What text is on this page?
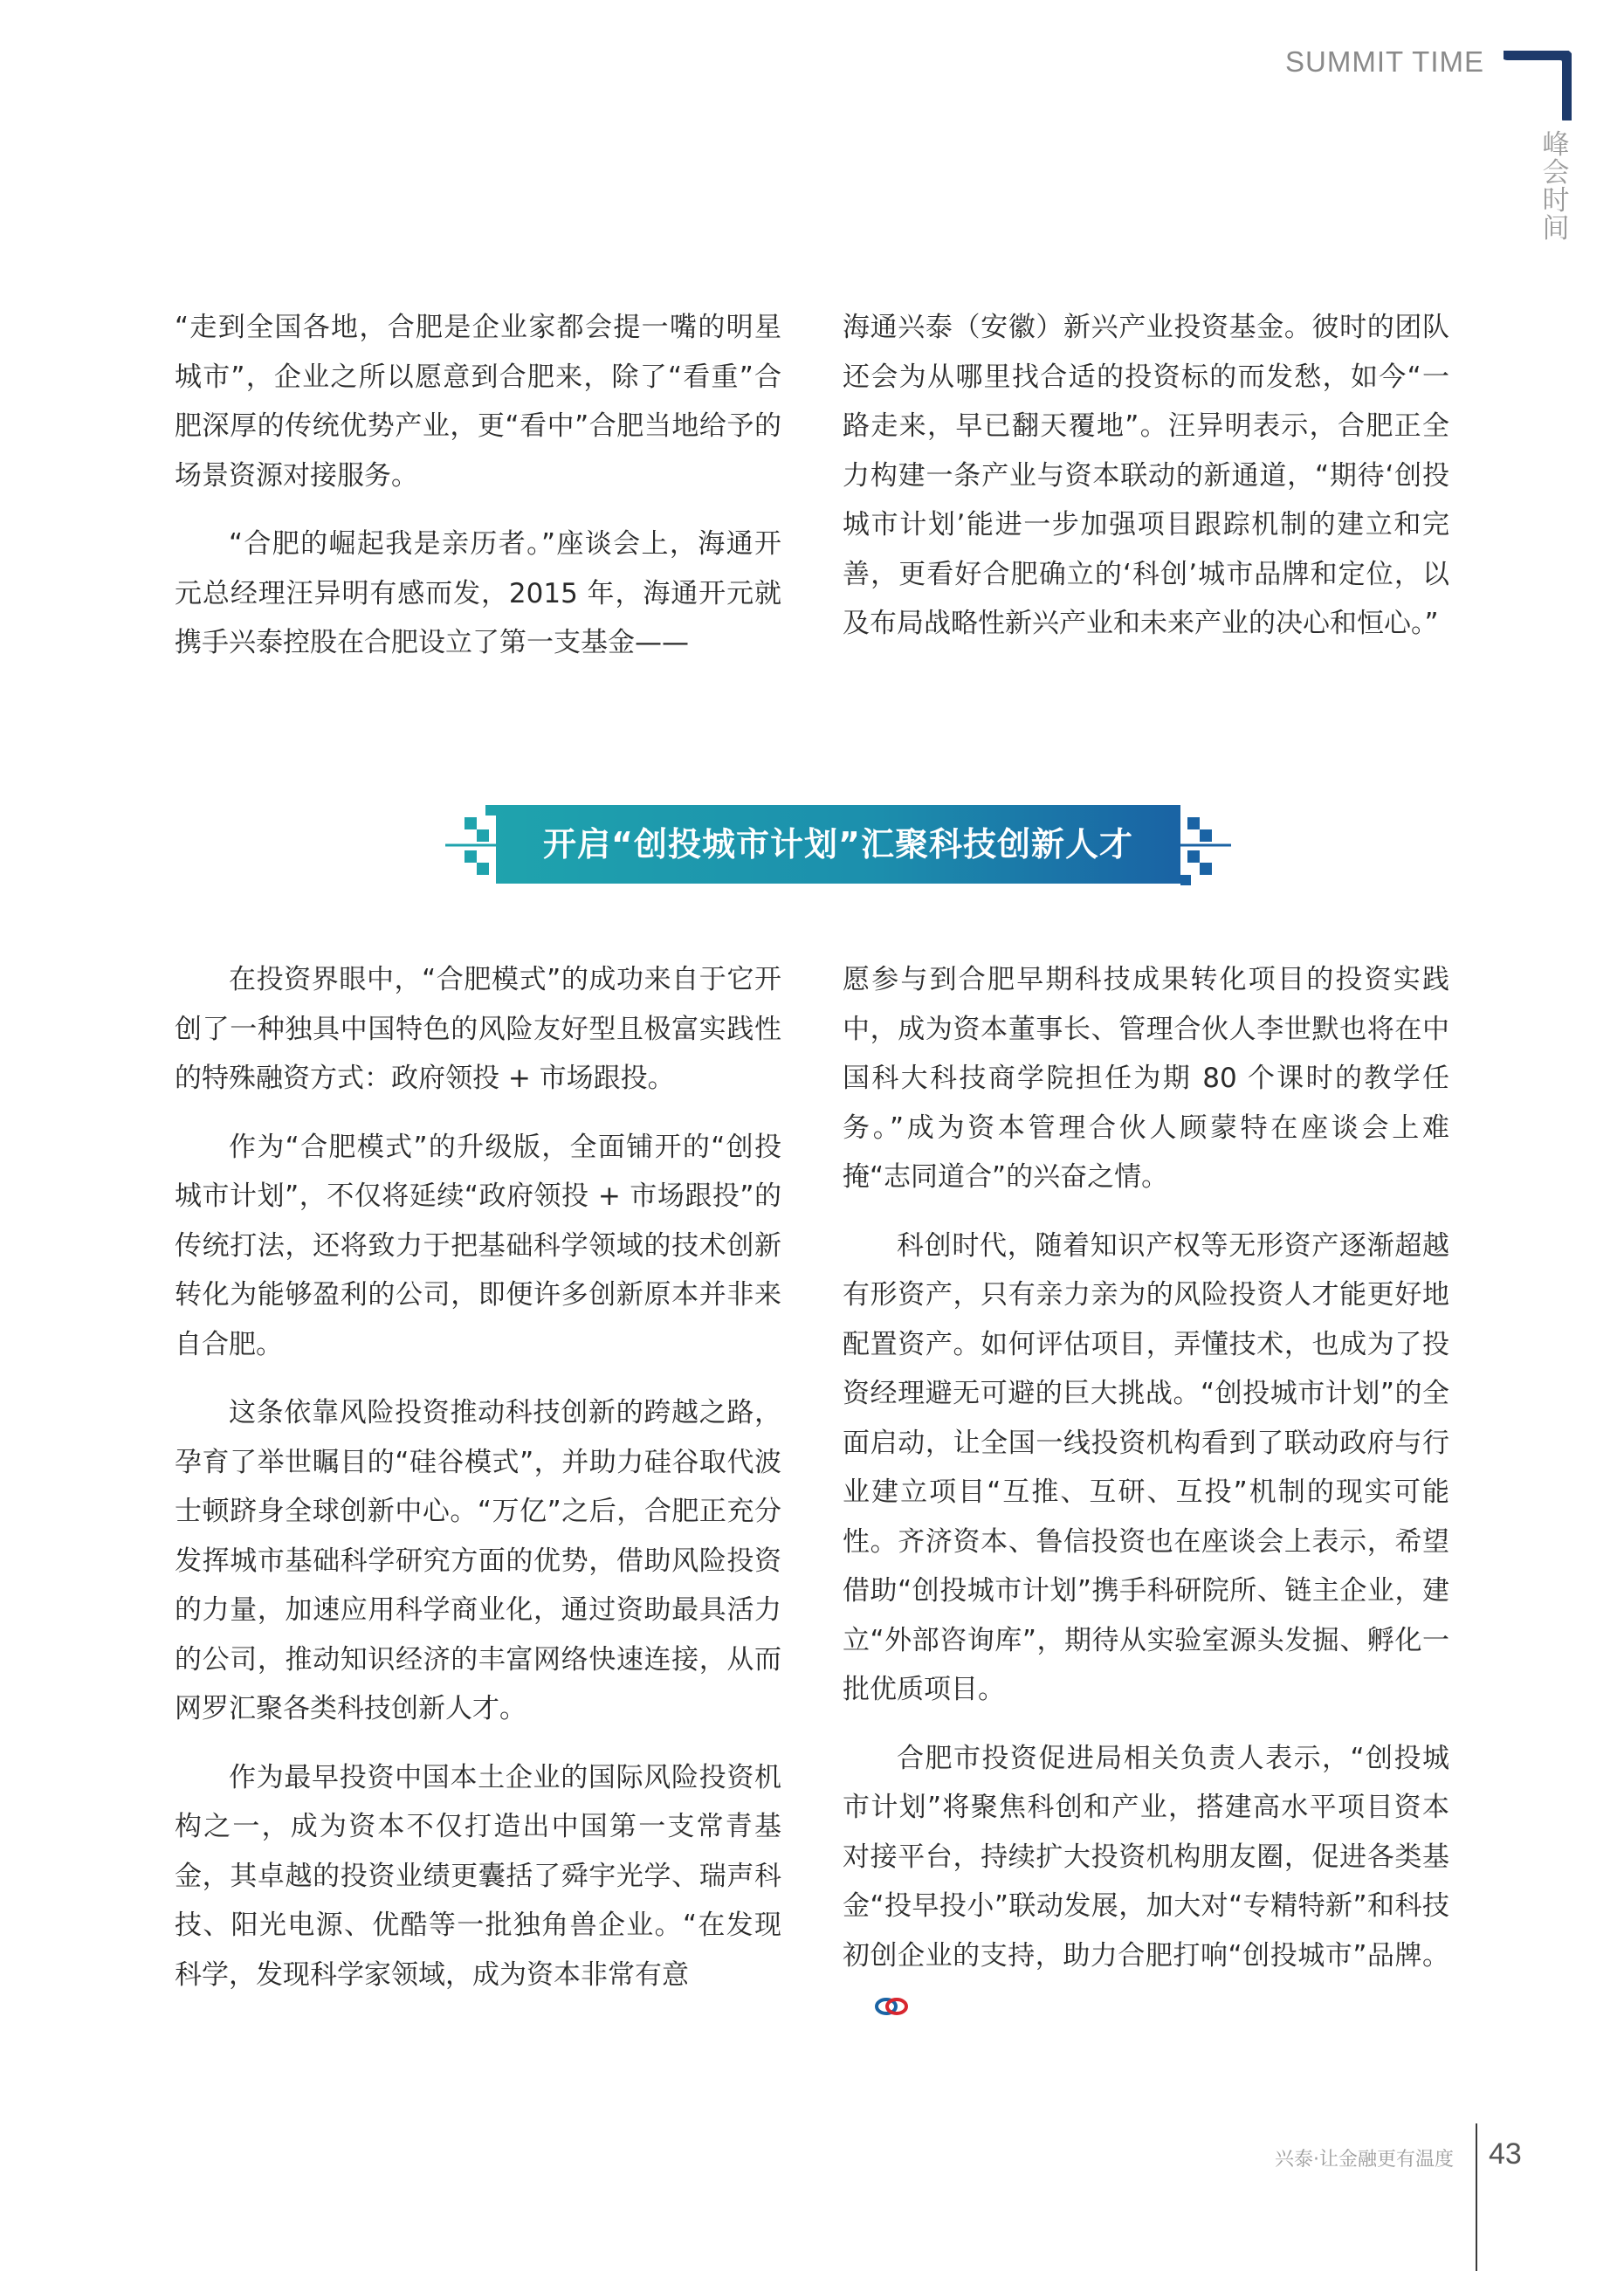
SUMMIT TIME
峰会时间

“走到全国各地，合肥是企业家都会提一嘴的明星城市”，企业之所以愿意到合肥来，除了“看重”合肥深厚的传统优势产业，更“看中”合肥当地给予的场景资源对接服务。

“合肥的崛起我是亲历者。”座谈会上，海通开元总经理汪异明有感而发，2015 年，海通开元就携手兴泰控股在合肥设立了第一支基金——

海通兴泰（安徽）新兴产业投资基金。彼时的团队还会为从哪里找合适的投资标的而发愁，如今“一路走来，早已翻天覆地”。汪异明表示，合肥正全力构建一条产业与资本联动的新通道，“期待‘创投城市计划’能进一步加强项目跟踪机制的建立和完善，更看好合肥确立的‘科创’城市品牌和定位，以及布局战略性新兴产业和未来产业的决心和恒心。”

开启“创投城市计划”汇聚科技创新人才

在投资界眼中，“合肥模式”的成功来自于它开创了一种独具中国特色的风险友好型且极富实践性的特殊融资方式：政府领投 + 市场跟投。

作为“合肥模式”的升级版，全面铺开的“创投城市计划”，不仅将延续“政府领投 + 市场跟投”的传统打法，还将致力于把基础科学领域的技术创新转化为能够盈利的公司，即便许多创新原本并非来自合肥。

这条依靠风险投资推动科技创新的跨越之路，孕育了举世瞩目的“硅谷模式”，并助力硅谷取代波士顿跻身全球创新中心。“万亿”之后，合肥正充分发挥城市基础科学研究方面的优势，借助风险投资的力量，加速应用科学商业化，通过资助最具活力的公司，推动知识经济的丰富网络快速连接，从而网罗汇聚各类科技创新人才。

作为最早投资中国本土企业的国际风险投资机构之一，成为资本不仅打造出中国第一支常青基金，其卓越的投资业绩更囊括了舜宇光学、瑞声科技、阳光电源、优酷等一批独角兽企业。“在发现科学，发现科学家领域，成为资本非常有意

愿参与到合肥早期科技成果转化项目的投资实践中，成为资本董事长、管理合伙人李世默也将在中国科大科技商学院担任为期 80 个课时的教学任务。”成为资本管理合伙人顾蒙特在座谈会上难掩“志同道合”的兴奋之情。

科创时代，随着知识产权等无形资产逐渐超越有形资产，只有亲力亲为的风险投资人才能更好地配置资产。如何评估项目，弄懂技术，也成为了投资经理避无可避的巨大挑战。“创投城市计划”的全面启动，让全国一线投资机构看到了联动政府与行业建立项目“互推、互研、互投”机制的现实可能性。齐济资本、鲁信投资也在座谈会上表示，希望借助“创投城市计划”携手科研院所、链主企业，建立“外部咨询库”，期待从实验室源头发掘、孵化一批优质项目。

合肥市投资促进局相关负责人表示，“创投城市计划”将聚焦科创和产业，搭建高水平项目资本对接平台，持续扩大投资机构朋友圈，促进各类基金“投早投小”联动发展，加大对“专精特新”和科技初创企业的支持，助力合肥打响“创投城市”品牌。

兴泰·让金融更有温度 43
